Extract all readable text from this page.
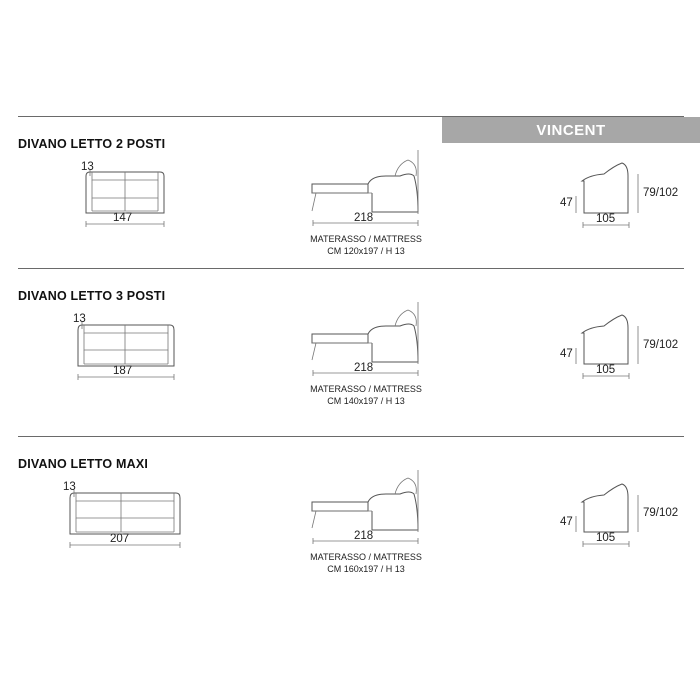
VINCENT
DIVANO LETTO 2 POSTI
13
147	218
MATERASSO / MATTRESS
CM 120x197 / H 13
47
79/102
105
DIVANO LETTO 3 POSTI
13
187	218
MATERASSO / MATTRESS
CM 140x197 / H 13
47
79/102
105
DIVANO LETTO MAXI
13
207	218
MATERASSO / MATTRESS
CM 160x197 / H 13
47
79/102
105
